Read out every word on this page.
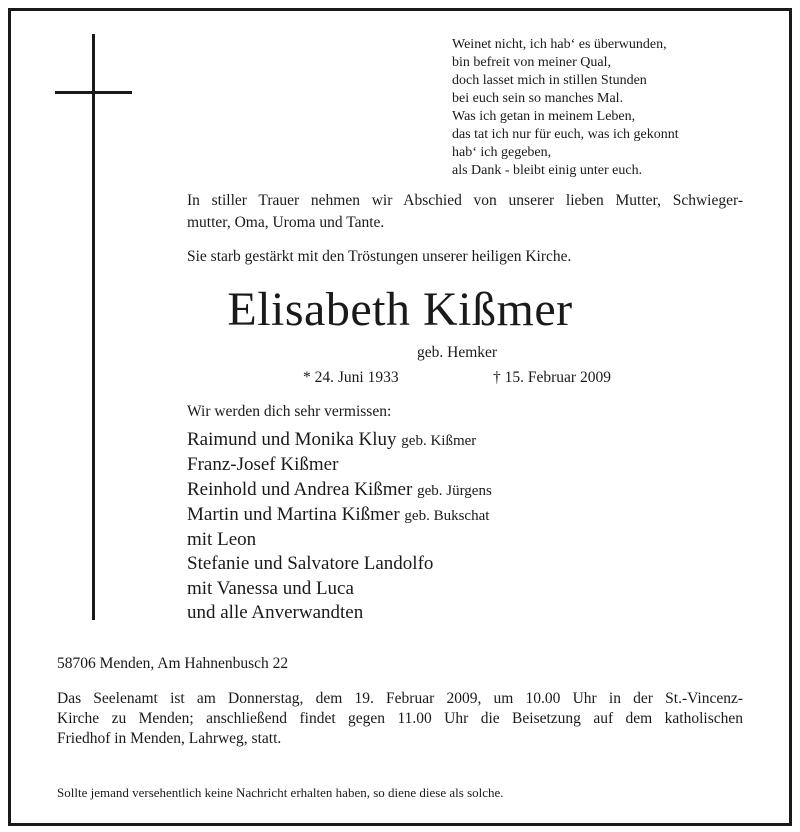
Weinet nicht, ich hab‘ es überwunden,
bin befreit von meiner Qual,
doch lasset mich in stillen Stunden
bei euch sein so manches Mal.
Was ich getan in meinem Leben,
das tat ich nur für euch, was ich gekonnt
hab‘ ich gegeben,
als Dank - bleibt einig unter euch.
In stiller Trauer nehmen wir Abschied von unserer lieben Mutter, Schwieger-
mutter, Oma, Uroma und Tante.
Sie starb gestärkt mit den Tröstungen unserer heiligen Kirche.
Elisabeth Kißmer
geb. Hemker
* 24. Juni 1933	† 15. Februar 2009
Wir werden dich sehr vermissen:
Raimund und Monika Kluy geb. Kißmer
Franz-Josef Kißmer
Reinhold und Andrea Kißmer geb. Jürgens
Martin und Martina Kißmer geb. Bukschat
mit Leon
Stefanie und Salvatore Landolfo
mit Vanessa und Luca
und alle Anverwandten
58706 Menden, Am Hahnenbusch 22
Das Seelenamt ist am Donnerstag, dem 19. Februar 2009, um 10.00 Uhr in der St.-Vincenz-
Kirche zu Menden; anschließend findet gegen 11.00 Uhr die Beisetzung auf dem katholischen
Friedhof in Menden, Lahrweg, statt.
Sollte jemand versehentlich keine Nachricht erhalten haben, so diene diese als solche.
